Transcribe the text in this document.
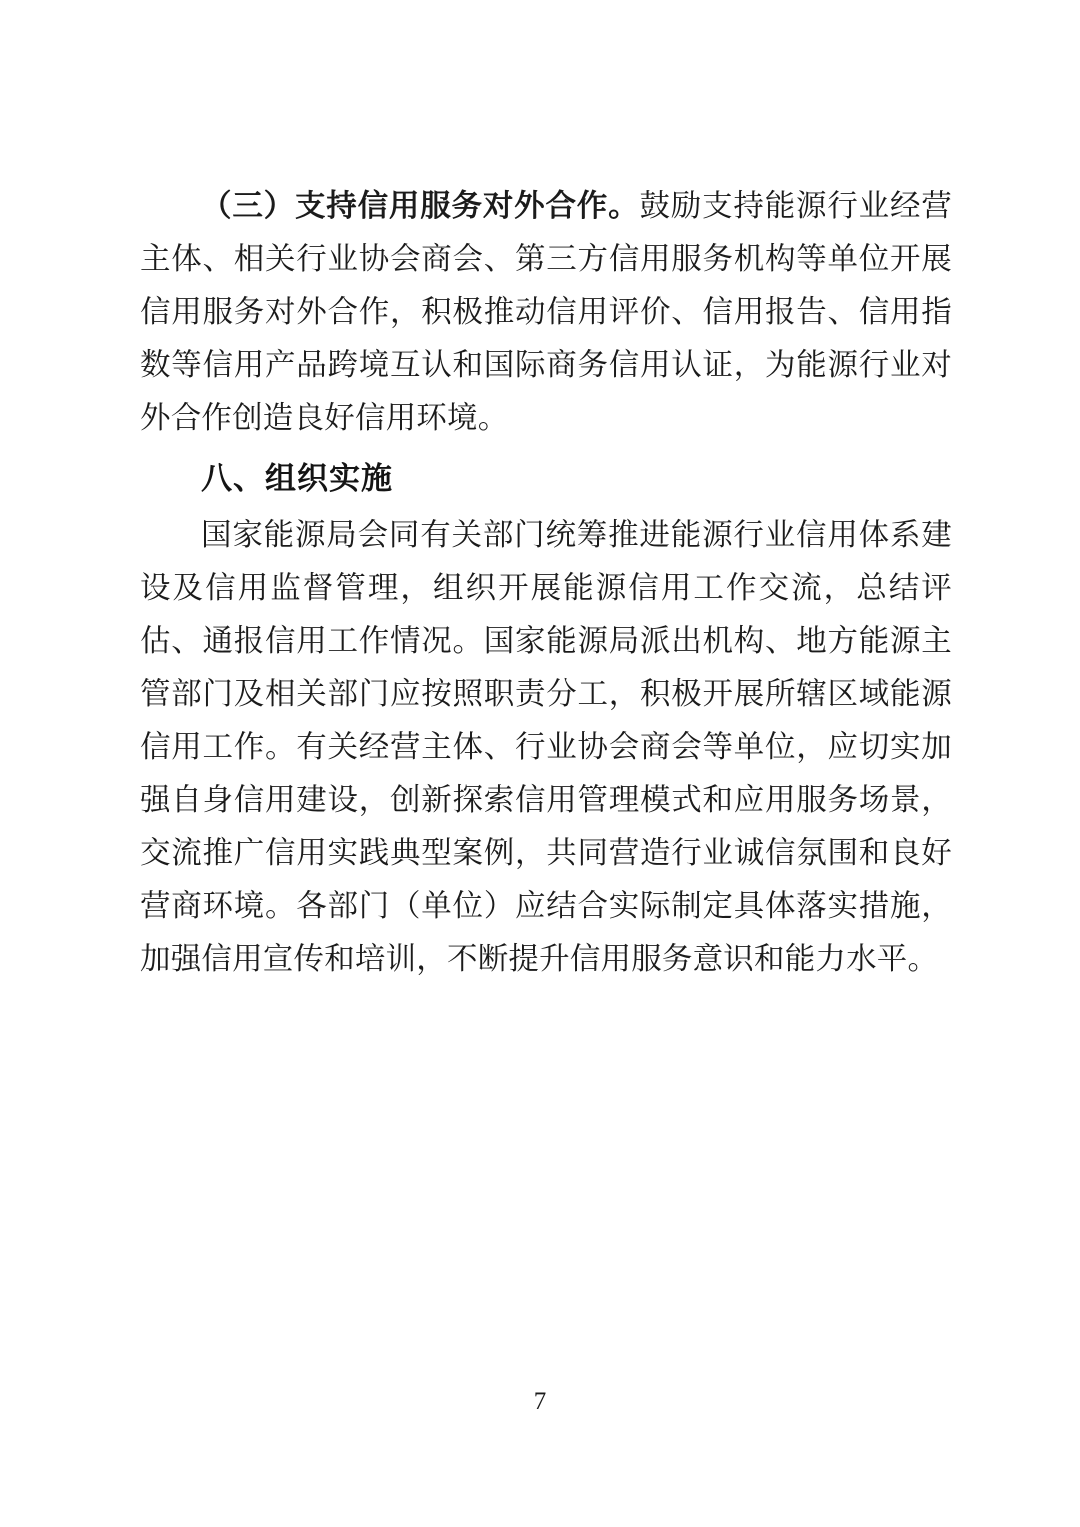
（三）支持信用服务对外合作。鼓励支持能源行业经营主体、相关行业协会商会、第三方信用服务机构等单位开展信用服务对外合作，积极推动信用评价、信用报告、信用指数等信用产品跨境互认和国际商务信用认证，为能源行业对外合作创造良好信用环境。

八、组织实施

国家能源局会同有关部门统筹推进能源行业信用体系建设及信用监督管理，组织开展能源信用工作交流，总结评估、通报信用工作情况。国家能源局派出机构、地方能源主管部门及相关部门应按照职责分工，积极开展所辖区域能源信用工作。有关经营主体、行业协会商会等单位，应切实加强自身信用建设，创新探索信用管理模式和应用服务场景，交流推广信用实践典型案例，共同营造行业诚信氛围和良好营商环境。各部门（单位）应结合实际制定具体落实措施，加强信用宣传和培训，不断提升信用服务意识和能力水平。

7
